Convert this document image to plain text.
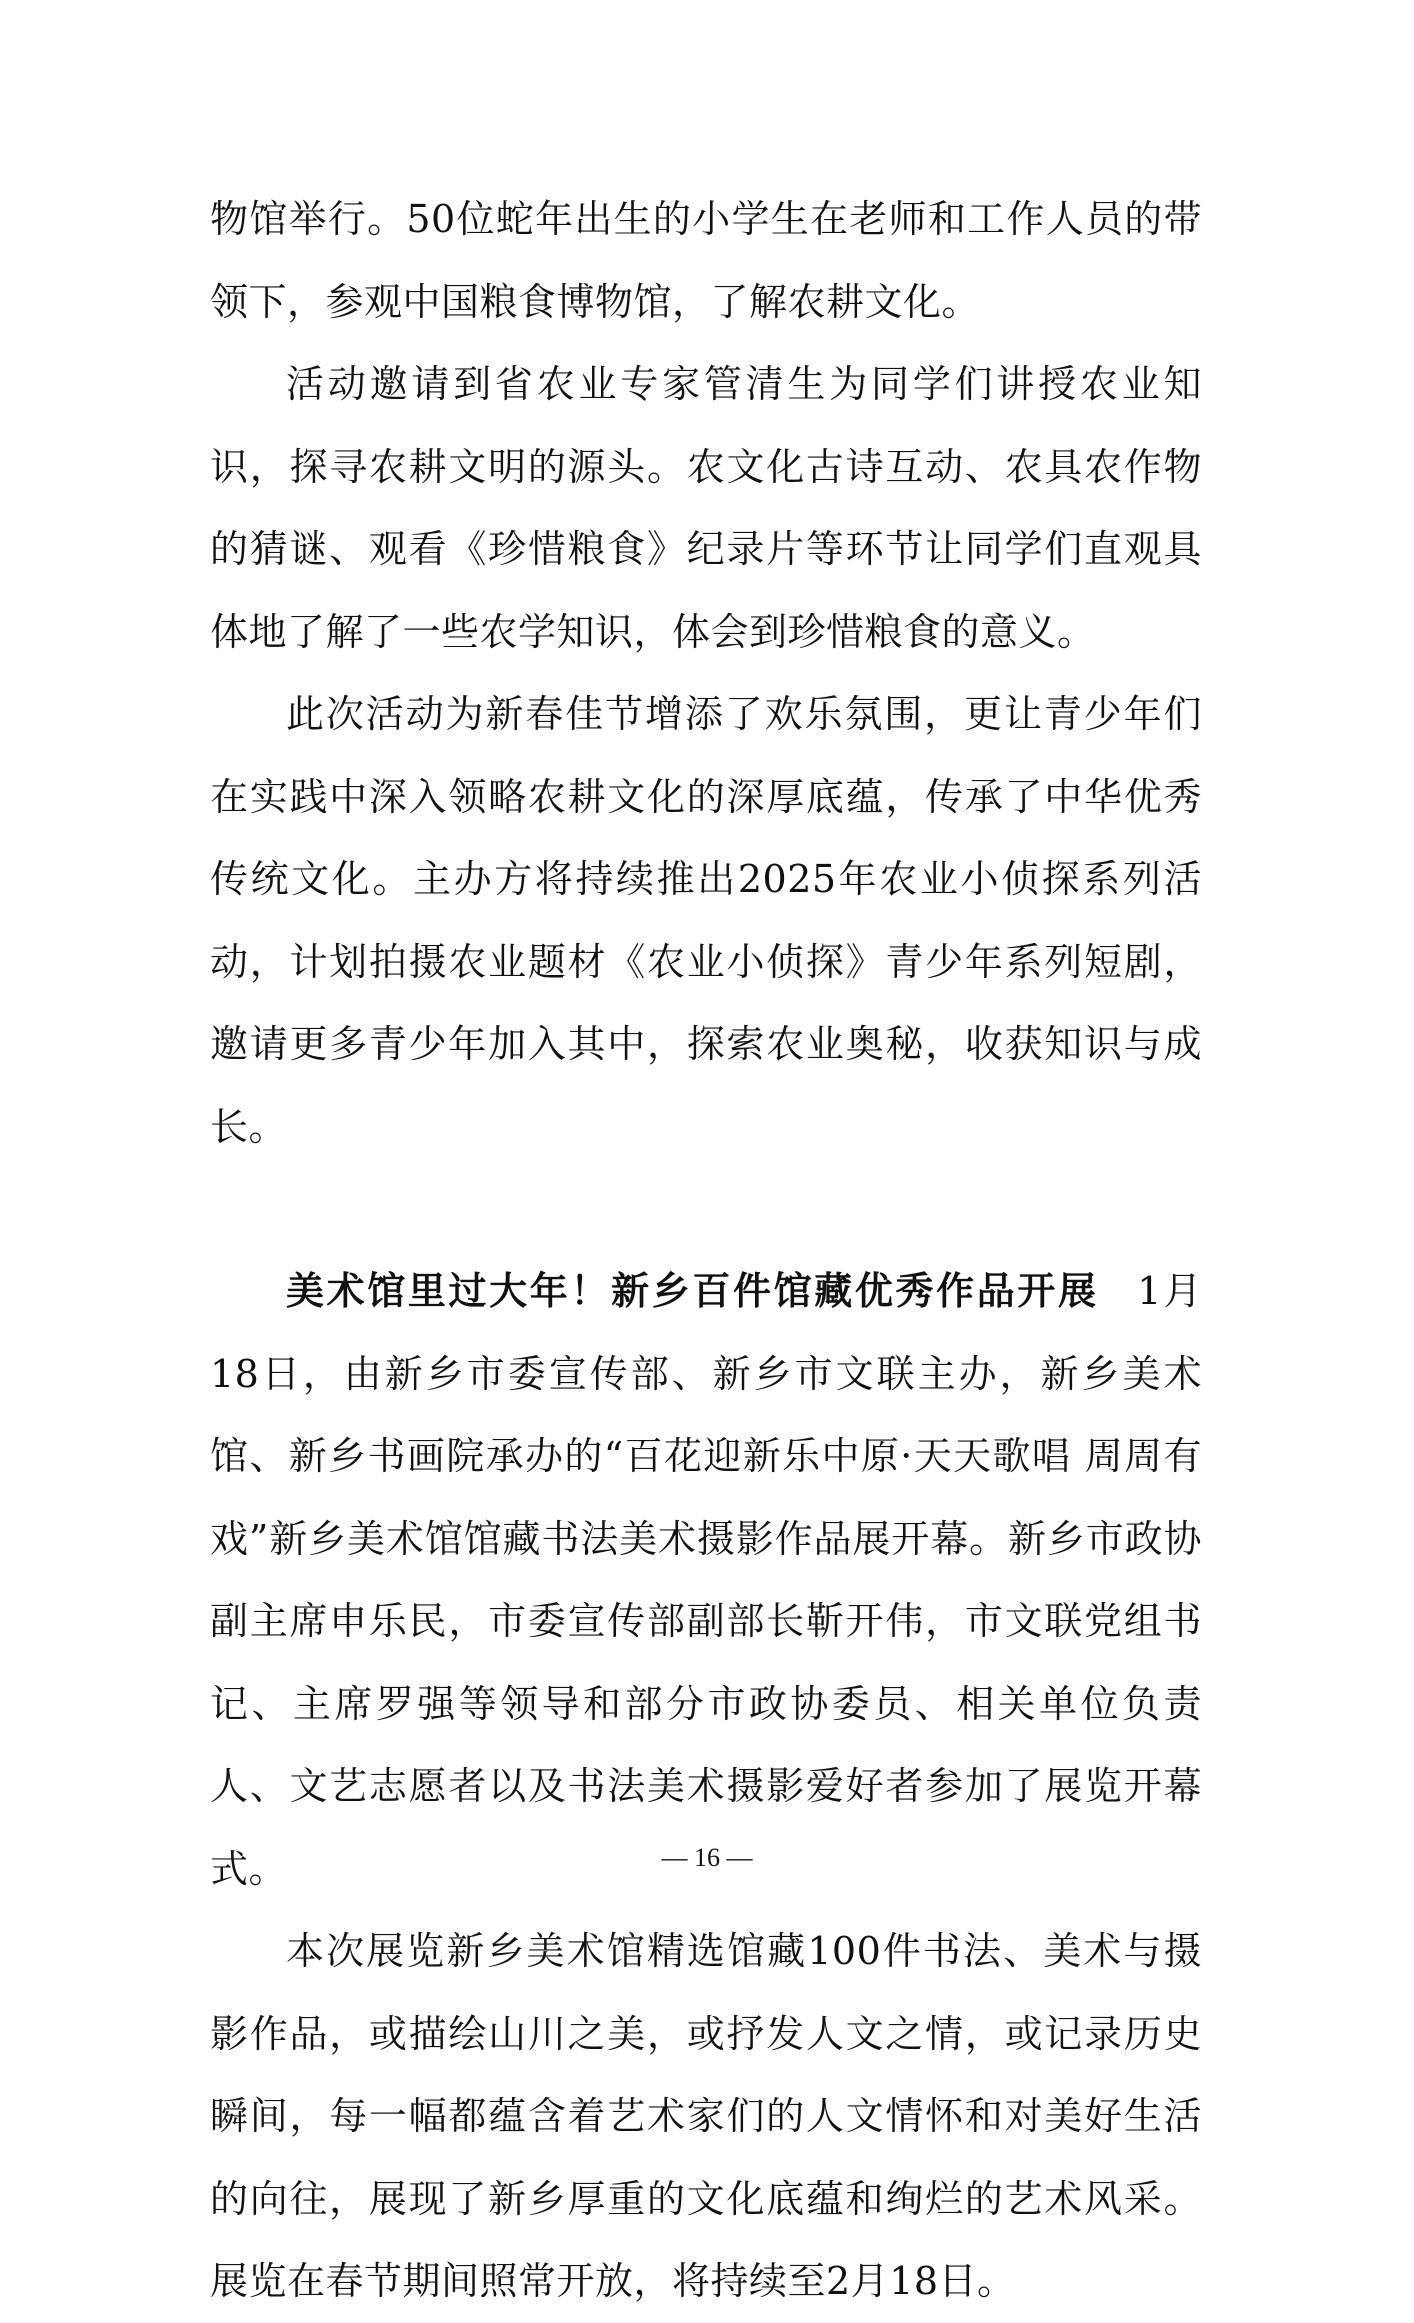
物馆举行。50位蛇年出生的小学生在老师和工作人员的带领下，参观中国粮食博物馆，了解农耕文化。

活动邀请到省农业专家管清生为同学们讲授农业知识，探寻农耕文明的源头。农文化古诗互动、农具农作物的猜谜、观看《珍惜粮食》纪录片等环节让同学们直观具体地了解了一些农学知识，体会到珍惜粮食的意义。

此次活动为新春佳节增添了欢乐氛围，更让青少年们在实践中深入领略农耕文化的深厚底蕴，传承了中华优秀传统文化。主办方将持续推出2025年农业小侦探系列活动，计划拍摄农业题材《农业小侦探》青少年系列短剧，邀请更多青少年加入其中，探索农业奥秘，收获知识与成长。

美术馆里过大年！新乡百件馆藏优秀作品开展  1月18日，由新乡市委宣传部、新乡市文联主办，新乡美术馆、新乡书画院承办的“百花迎新乐中原·天天歌唱 周周有戏”新乡美术馆馆藏书法美术摄影作品展开幕。新乡市政协副主席申乐民，市委宣传部副部长靳开伟，市文联党组书记、主席罗强等领导和部分市政协委员、相关单位负责人、文艺志愿者以及书法美术摄影爱好者参加了展览开幕式。

本次展览新乡美术馆精选馆藏100件书法、美术与摄影作品，或描绘山川之美，或抒发人文之情，或记录历史瞬间，每一幅都蕴含着艺术家们的人文情怀和对美好生活的向往，展现了新乡厚重的文化底蕴和绚烂的艺术风采。展览在春节期间照常开放，将持续至2月18日。

— 16 —
